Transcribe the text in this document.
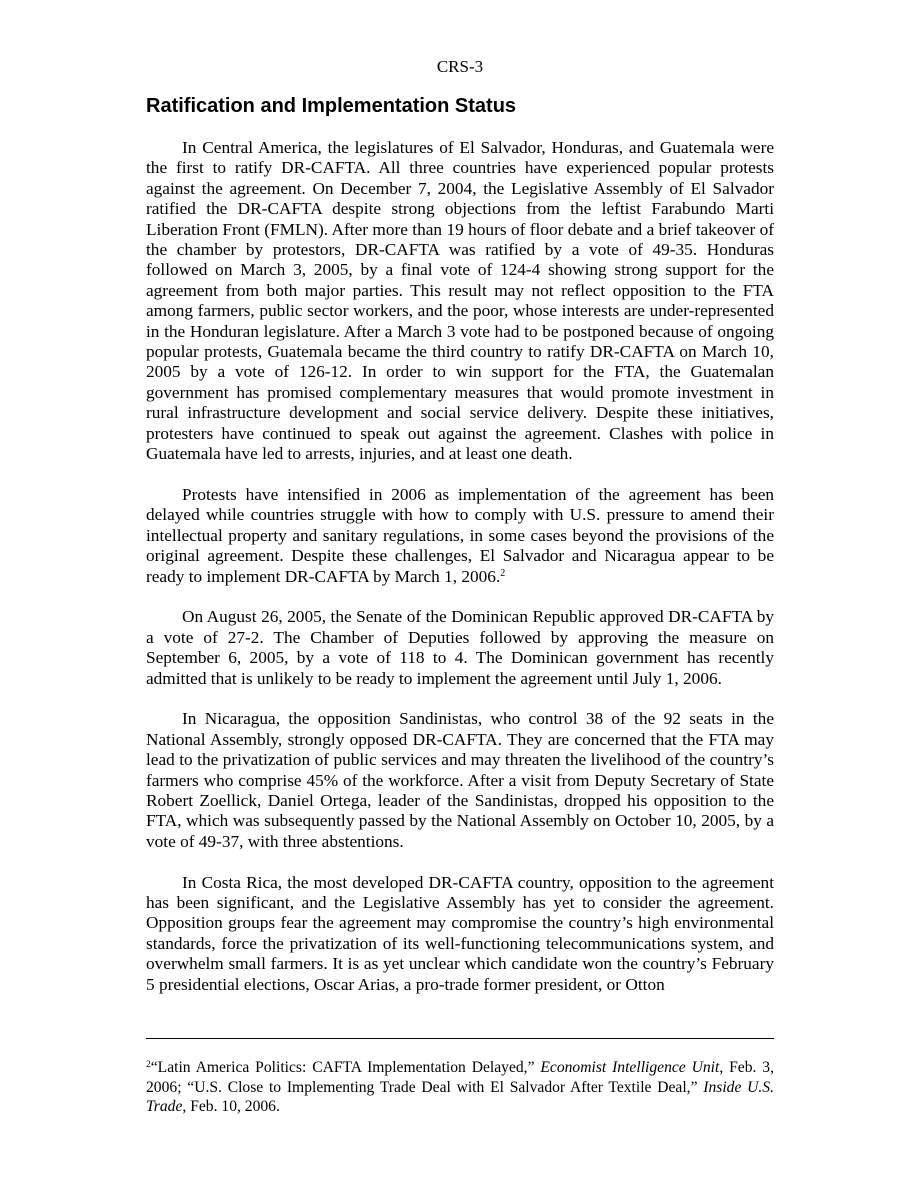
CRS-3
Ratification and Implementation Status

In Central America, the legislatures of El Salvador, Honduras, and Guatemala were the first to ratify DR-CAFTA. All three countries have experienced popular protests against the agreement. On December 7, 2004, the Legislative Assembly of El Salvador ratified the DR-CAFTA despite strong objections from the leftist Farabundo Marti Liberation Front (FMLN). After more than 19 hours of floor debate and a brief takeover of the chamber by protestors, DR-CAFTA was ratified by a vote of 49-35. Honduras followed on March 3, 2005, by a final vote of 124-4 showing strong support for the agreement from both major parties. This result may not reflect opposition to the FTA among farmers, public sector workers, and the poor, whose interests are under-represented in the Honduran legislature. After a March 3 vote had to be postponed because of ongoing popular protests, Guatemala became the third country to ratify DR-CAFTA on March 10, 2005 by a vote of 126-12. In order to win support for the FTA, the Guatemalan government has promised complementary measures that would promote investment in rural infrastructure development and social service delivery. Despite these initiatives, protesters have continued to speak out against the agreement. Clashes with police in Guatemala have led to arrests, injuries, and at least one death.

Protests have intensified in 2006 as implementation of the agreement has been delayed while countries struggle with how to comply with U.S. pressure to amend their intellectual property and sanitary regulations, in some cases beyond the provisions of the original agreement. Despite these challenges, El Salvador and Nicaragua appear to be ready to implement DR-CAFTA by March 1, 2006.$^2$

On August 26, 2005, the Senate of the Dominican Republic approved DR-CAFTA by a vote of 27-2. The Chamber of Deputies followed by approving the measure on September 6, 2005, by a vote of 118 to 4. The Dominican government has recently admitted that is unlikely to be ready to implement the agreement until July 1, 2006.

In Nicaragua, the opposition Sandinistas, who control 38 of the 92 seats in the National Assembly, strongly opposed DR-CAFTA. They are concerned that the FTA may lead to the privatization of public services and may threaten the livelihood of the country’s farmers who comprise 45% of the workforce. After a visit from Deputy Secretary of State Robert Zoellick, Daniel Ortega, leader of the Sandinistas, dropped his opposition to the FTA, which was subsequently passed by the National Assembly on October 10, 2005, by a vote of 49-37, with three abstentions.

In Costa Rica, the most developed DR-CAFTA country, opposition to the agreement has been significant, and the Legislative Assembly has yet to consider the agreement. Opposition groups fear the agreement may compromise the country’s high environmental standards, force the privatization of its well-functioning telecommunications system, and overwhelm small farmers. It is as yet unclear which candidate won the country’s February 5 presidential elections, Oscar Arias, a pro-trade former president, or Otton

$^2$“Latin America Politics: CAFTA Implementation Delayed,” Economist Intelligence Unit, Feb. 3, 2006; “U.S. Close to Implementing Trade Deal with El Salvador After Textile Deal,” Inside U.S. Trade, Feb. 10, 2006.
